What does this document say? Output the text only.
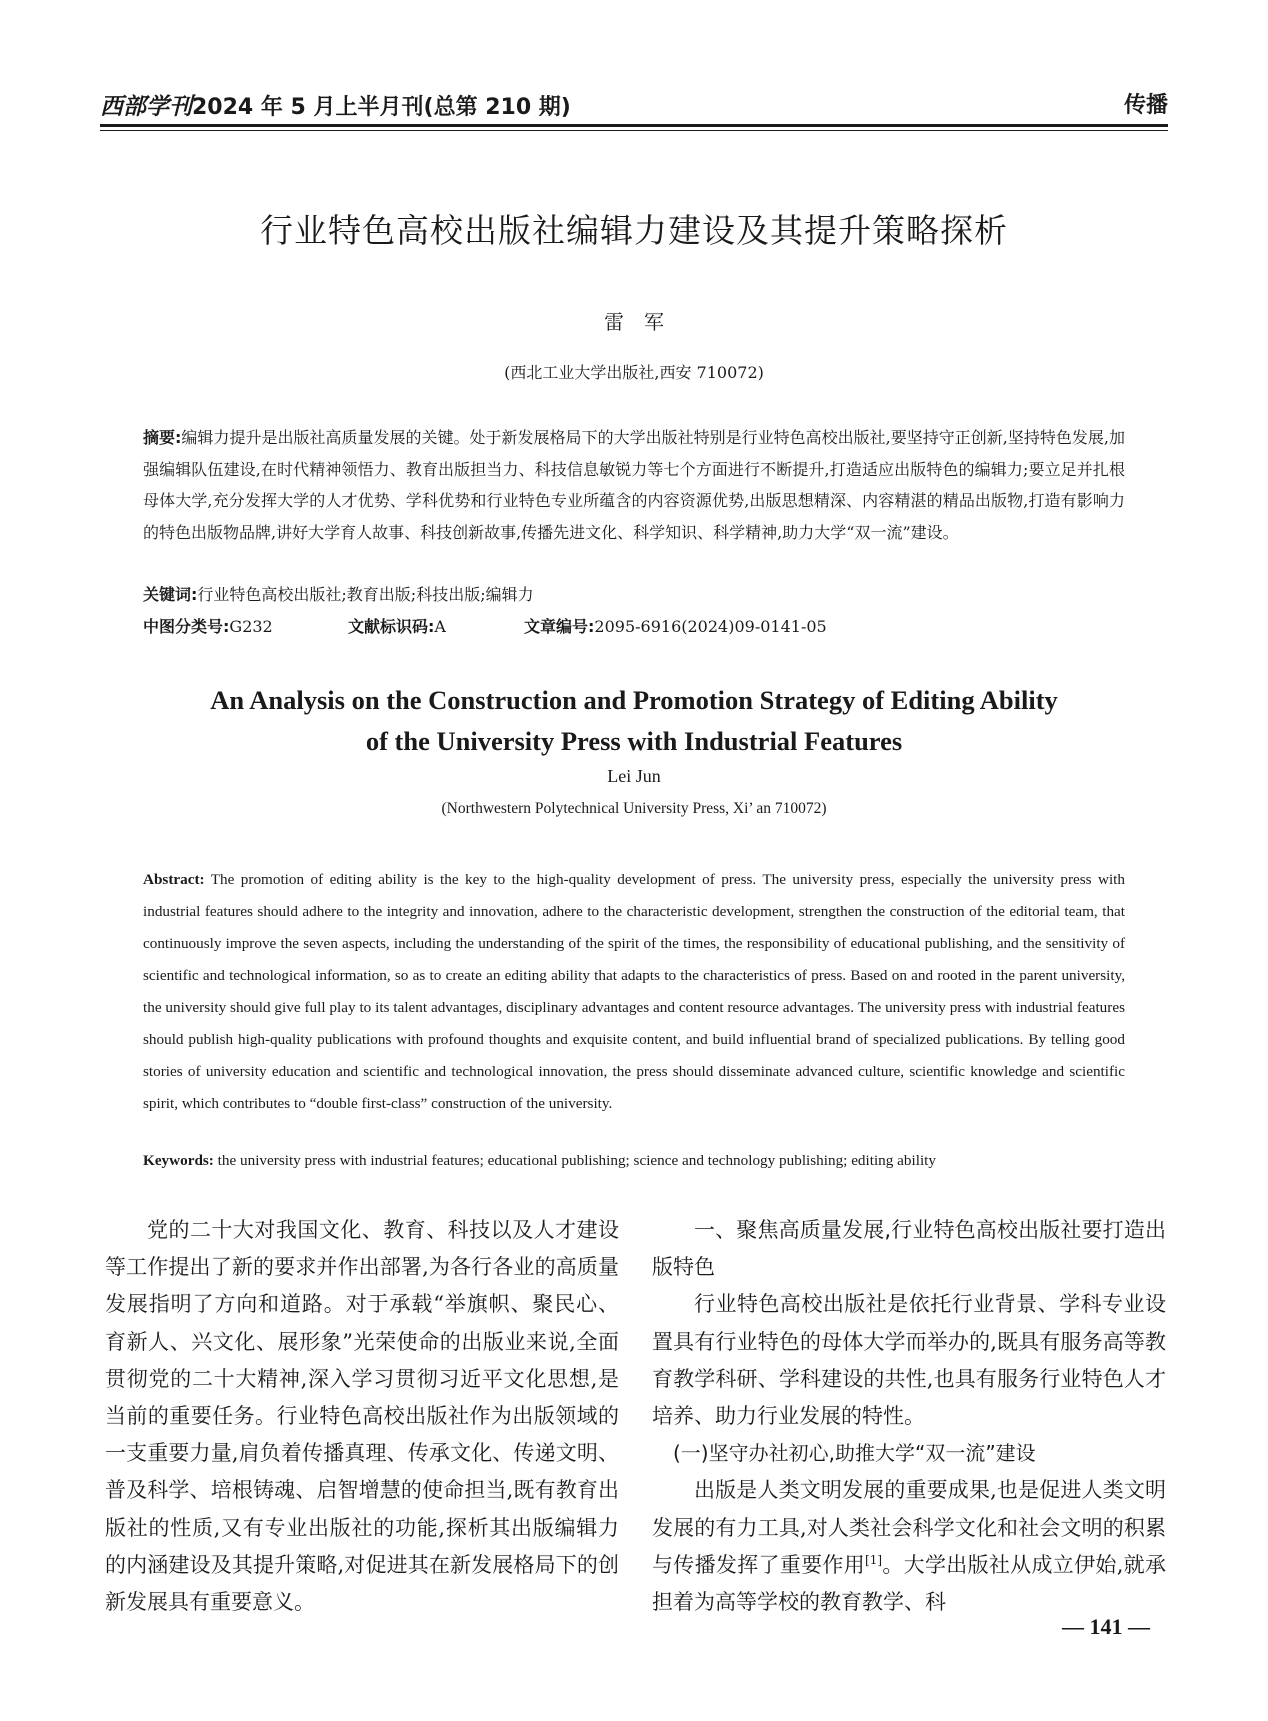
西部学刊2024 年 5 月上半月刊(总第 210 期)	传播
行业特色高校出版社编辑力建设及其提升策略探析
雷军
(西北工业大学出版社,西安 710072)
摘要:编辑力提升是出版社高质量发展的关键。处于新发展格局下的大学出版社特别是行业特色高校出版社,要坚持守正创新,坚持特色发展,加强编辑队伍建设,在时代精神领悟力、教育出版担当力、科技信息敏锐力等七个方面进行不断提升,打造适应出版特色的编辑力;要立足并扎根母体大学,充分发挥大学的人才优势、学科优势和行业特色专业所蕴含的内容资源优势,出版思想精深、内容精湛的精品出版物,打造有影响力的特色出版物品牌,讲好大学育人故事、科技创新故事,传播先进文化、科学知识、科学精神,助力大学“双一流”建设。
关键词:行业特色高校出版社;教育出版;科技出版;编辑力
中图分类号:G232	文献标识码:A	文章编号:2095-6916(2024)09-0141-05
An Analysis on the Construction and Promotion Strategy of Editing Ability
of the University Press with Industrial Features
Lei Jun
(Northwestern Polytechnical University Press, Xi’ an 710072)
Abstract: The promotion of editing ability is the key to the high-quality development of press. The university press, especially the university press with industrial features should adhere to the integrity and innovation, adhere to the characteristic development, strengthen the construction of the editorial team, that continuously improve the seven aspects, including the understanding of the spirit of the times, the responsibility of educational publishing, and the sensitivity of scientific and technological information, so as to create an editing ability that adapts to the characteristics of press. Based on and rooted in the parent university, the university should give full play to its talent advantages, disciplinary advantages and content resource advantages. The university press with industrial features should publish high-quality publications with profound thoughts and exquisite content, and build influential brand of specialized publications. By telling good stories of university education and scientific and technological innovation, the press should disseminate advanced culture, scientific knowledge and scientific spirit, which contributes to “double first-class” construction of the university.
Keywords: the university press with industrial features; educational publishing; science and technology publishing; editing ability

党的二十大对我国文化、教育、科技以及人才建设等工作提出了新的要求并作出部署,为各行各业的高质量发展指明了方向和道路。对于承载“举旗帜、聚民心、育新人、兴文化、展形象”光荣使命的出版业来说,全面贯彻党的二十大精神,深入学习贯彻习近平文化思想,是当前的重要任务。行业特色高校出版社作为出版领域的一支重要力量,肩负着传播真理、传承文化、传递文明、普及科学、培根铸魂、启智增慧的使命担当,既有教育出版社的性质,又有专业出版社的功能,探析其出版编辑力的内涵建设及其提升策略,对促进其在新发展格局下的创新发展具有重要意义。

一、聚焦高质量发展,行业特色高校出版社要打造出版特色

行业特色高校出版社是依托行业背景、学科专业设置具有行业特色的母体大学而举办的,既具有服务高等教育教学科研、学科建设的共性,也具有服务行业特色人才培养、助力行业发展的特性。

(一)坚守办社初心,助推大学“双一流”建设

出版是人类文明发展的重要成果,也是促进人类文明发展的有力工具,对人类社会科学文化和社会文明的积累与传播发挥了重要作用[1]。大学出版社从成立伊始,就承担着为高等学校的教育教学、科

— 141 —
